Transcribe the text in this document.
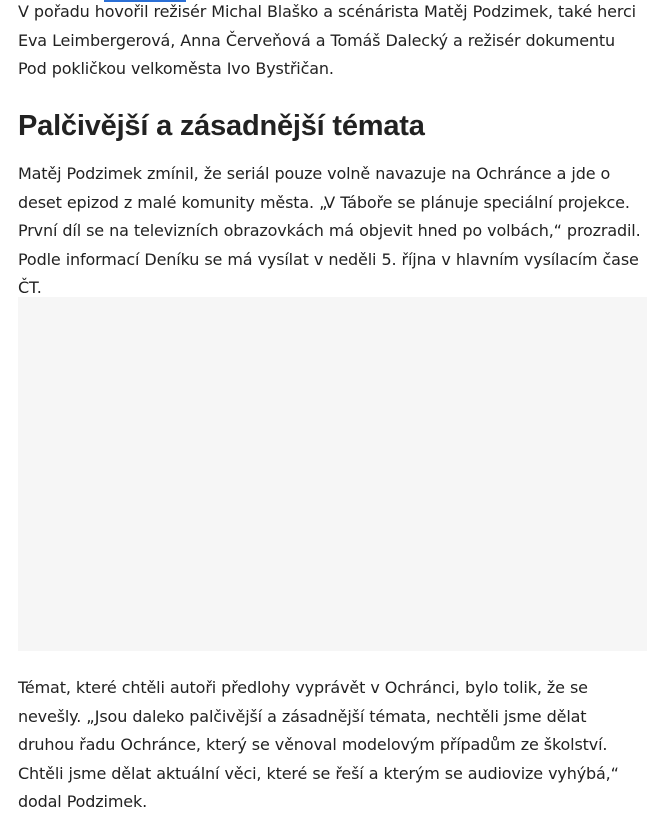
V pořadu hovořil režisér Michal Blaško a scénárista Matěj Podzimek, také herci Eva Leimbergerová, Anna Červeňová a Tomáš Dalecký a režisér dokumentu Pod pokličkou velkoměsta Ivo Bystřičan.

Palčivější a zásadnější témata

Matěj Podzimek zmínil, že seriál pouze volně navazuje na Ochránce a jde o deset epizod z malé komunity města. „V Táboře se plánuje speciální projekce. První díl se na televizních obrazovkách má objevit hned po volbách,“ prozradil. Podle informací Deníku se má vysílat v neděli 5. října v hlavním vysílacím čase ČT.

Témat, které chtěli autoři předlohy vyprávět v Ochránci, bylo tolik, že se nevešly. „Jsou daleko palčivější a zásadnější témata, nechtěli jsme dělat druhou řadu Ochránce, který se věnoval modelovým případům ze školství. Chtěli jsme dělat aktuální věci, které se řeší a kterým se audiovize vyhýbá,“ dodal Podzimek.
